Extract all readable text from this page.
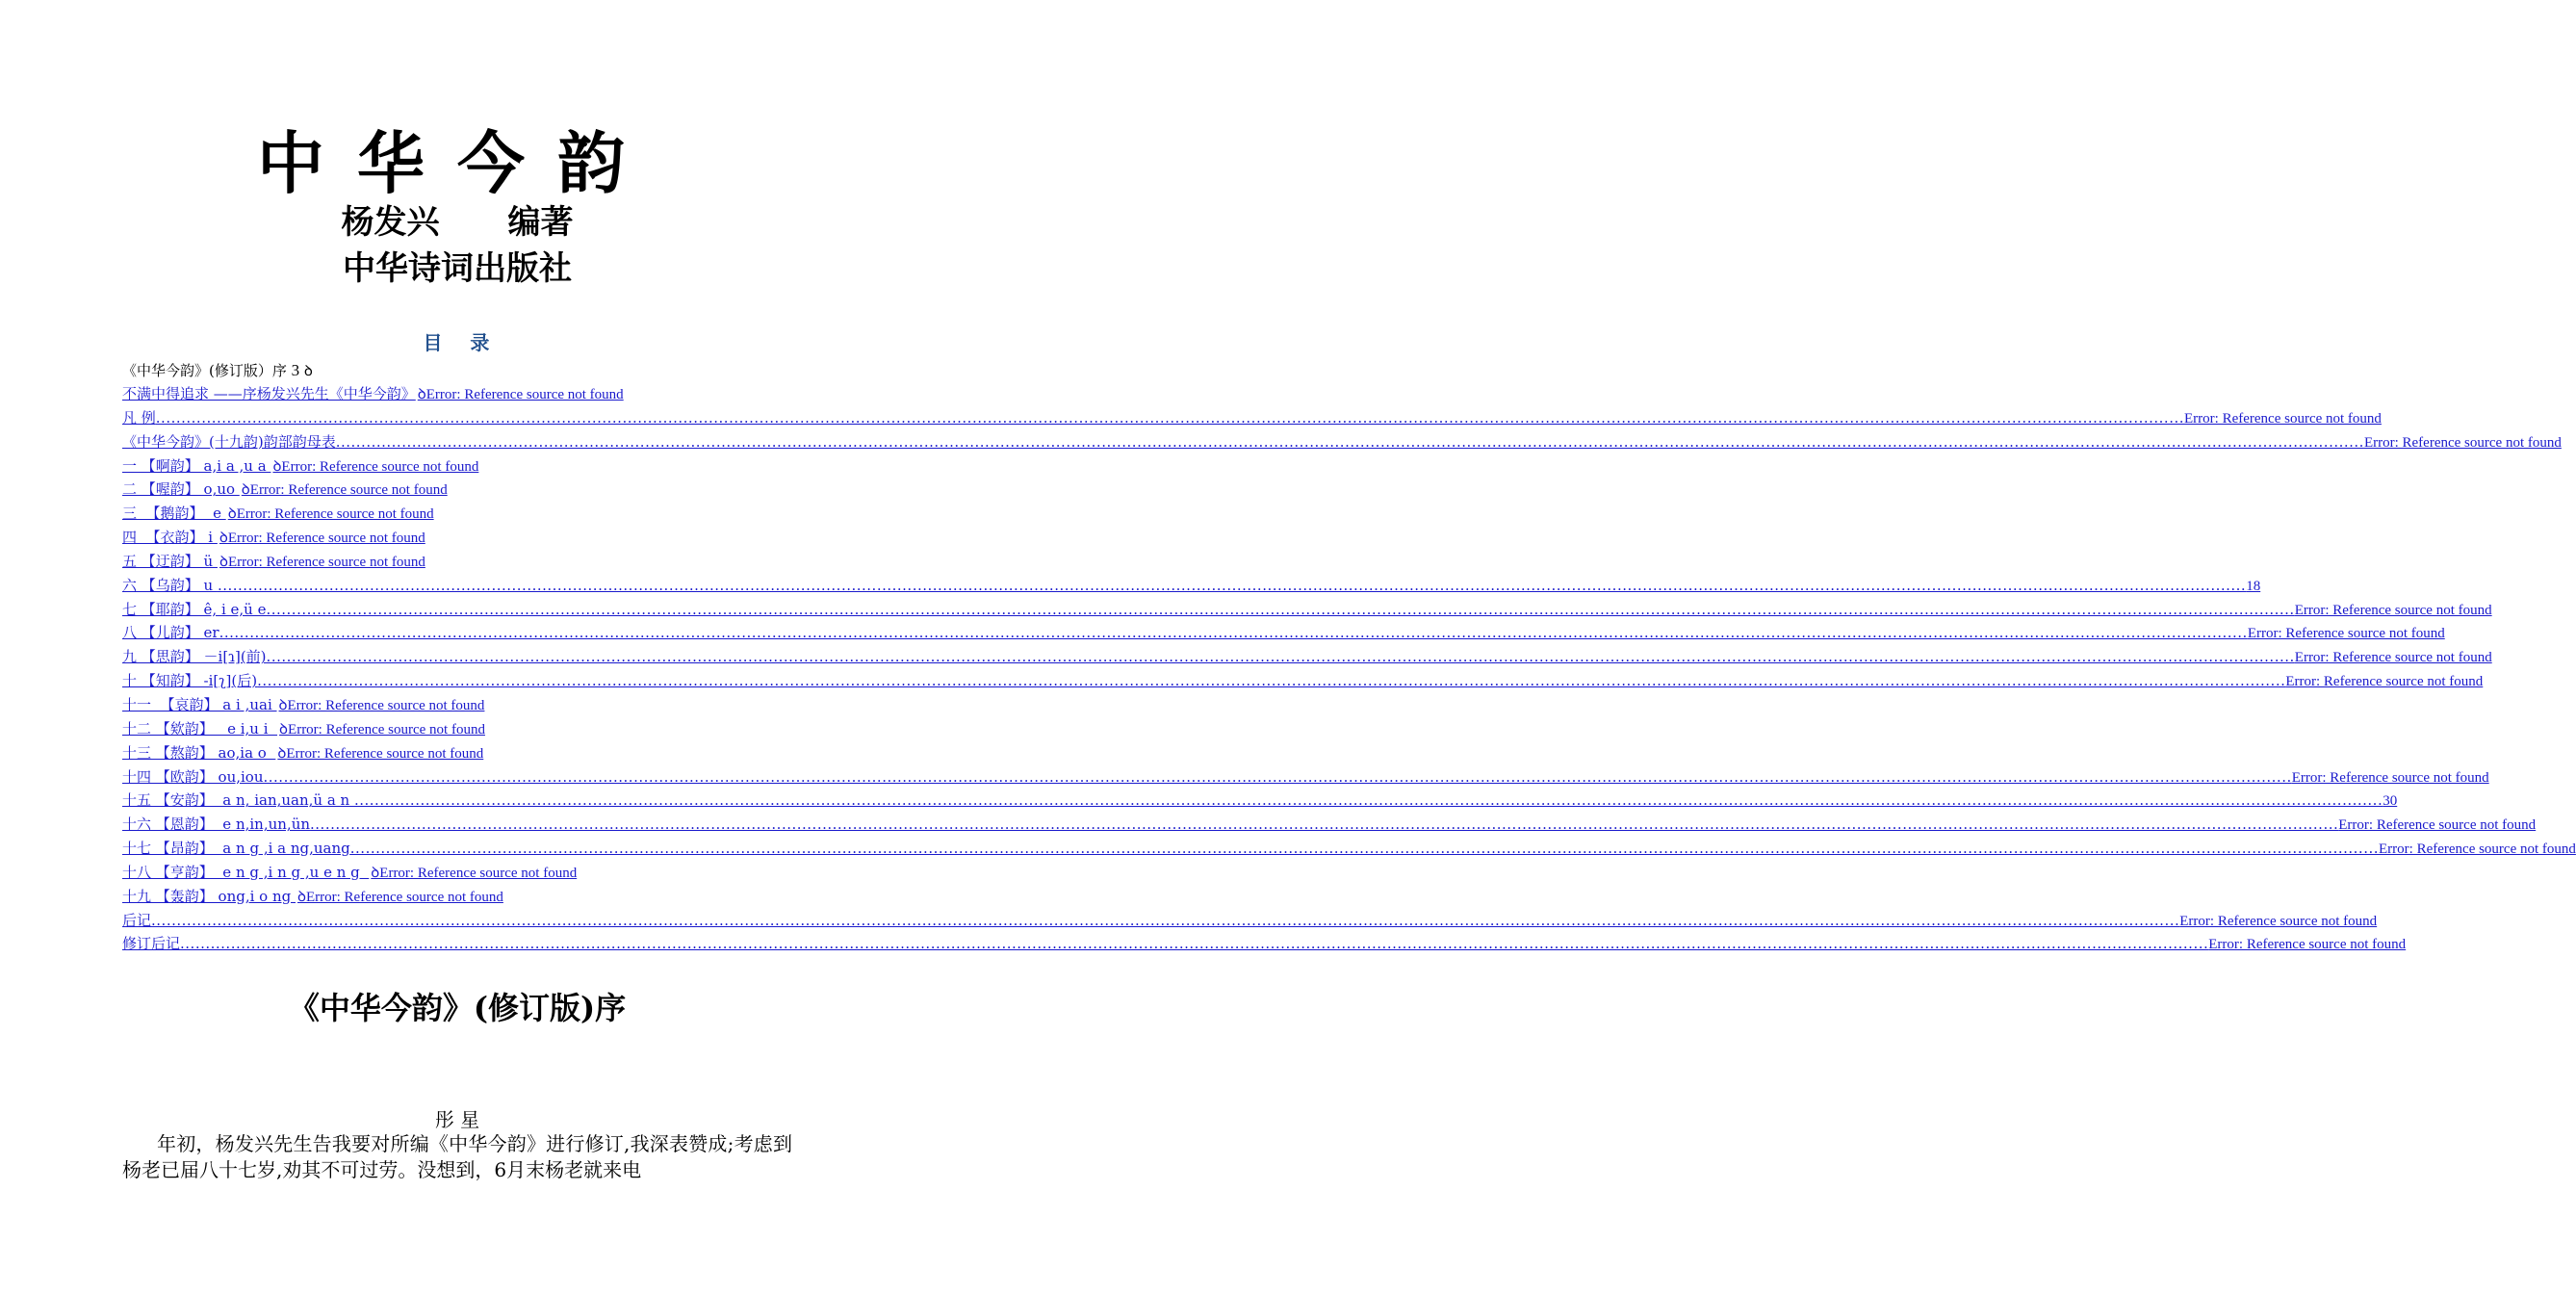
中华今韵
杨发兴      编著
中华诗词出版社
目   录
《中华今韵》(修订版）序 3 ꝺ
不满中得追求 ——序杨发兴先生《中华今韵》 ꝺError: Reference source not found
凡 例 ................................................................................................................................................................................................................................................................................................................................................................................................................ Error: Reference source not found
《中华今韵》(十九韵)韵部韵母表 ................................................................................................................................................................................................................................................................................................................................................................................................................ Error: Reference source not found
一 【啊韵】 a,i a ,u a ꝺError: Reference source not found
二 【喔韵】 o,uo ꝺError: Reference source not found
三  【鹅韵】  e ꝺError: Reference source not found
四  【衣韵】 i ꝺError: Reference source not found
五 【迂韵】 ü ꝺError: Reference source not found
六 【乌韵】 u ................................................................................................................................................................................................................................................................................................................................................................................................................ 18
七 【耶韵】 ê, i e,ü e ................................................................................................................................................................................................................................................................................................................................................................................................................ Error: Reference source not found
八 【儿韵】 er ................................................................................................................................................................................................................................................................................................................................................................................................................ Error: Reference source not found
九 【思韵】 －i[ɿ](前) ................................................................................................................................................................................................................................................................................................................................................................................................................ Error: Reference source not found
十 【知韵】 -i[ʅ](后) ................................................................................................................................................................................................................................................................................................................................................................................................................ Error: Reference source not found
十一  【哀韵】 a i ,uai ꝺError: Reference source not found
十二 【欸韵】   e i,u i ꝺError: Reference source not found
十三 【熬韵】 ao,ia o ꝺError: Reference source not found
十四 【欧韵】 ou,iou ................................................................................................................................................................................................................................................................................................................................................................................................................ Error: Reference source not found
十五 【安韵】  a n, ian,uan,ü a n ................................................................................................................................................................................................................................................................................................................................................................................................................ 30
十六 【恩韵】  e n,in,un,ün ................................................................................................................................................................................................................................................................................................................................................................................................................ Error: Reference source not found
十七 【昂韵】  a n g ,i a ng,uang ................................................................................................................................................................................................................................................................................................................................................................................................................ Error: Reference source not found
十八 【亨韵】  e n g ,i n g ,u e n g ꝺError: Reference source not found
十九 【轰韵】 ong,i o ng ꝺError: Reference source not found
后记 ................................................................................................................................................................................................................................................................................................................................................................................................................ Error: Reference source not found
修订后记 ................................................................................................................................................................................................................................................................................................................................................................................................................ Error: Reference source not found
《中华今韵》(修订版)序
彤 星
年初，杨发兴先生告我要对所编《中华今韵》进行修订,我深表赞成;考虑到杨老已届八十七岁,劝其不可过劳。没想到，6月末杨老就来电
